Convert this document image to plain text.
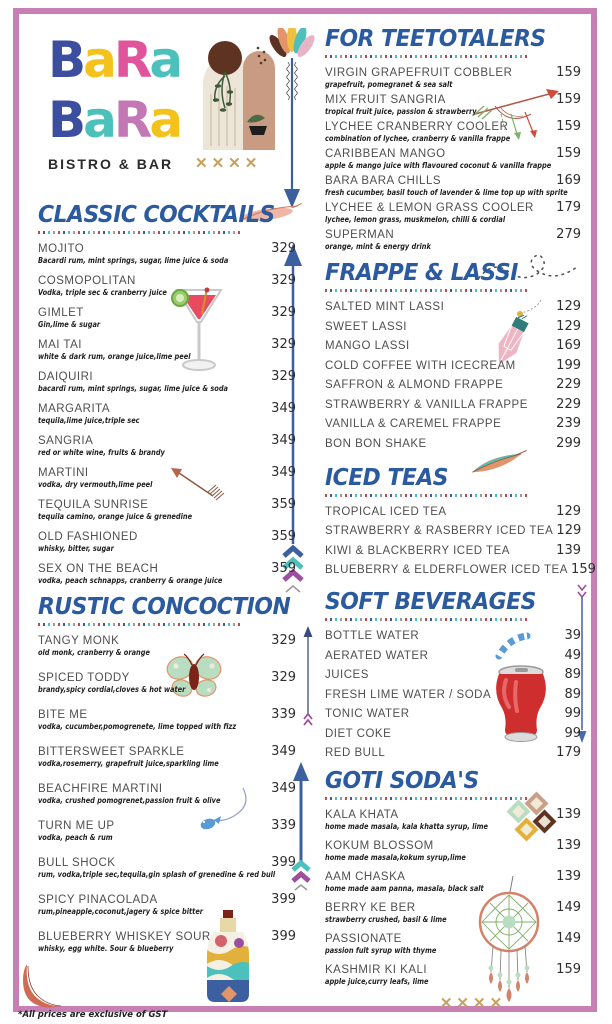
BaRa
BaRa
BISTRO & BAR
CLASSIC COCKTAILS
MOJITO	329
Bacardi rum, mint springs, sugar, lime juice & soda
COSMOPOLITAN	329
Vodka, triple sec & cranberry juice
GIMLET	329
Gin,lime & sugar
MAI TAI	329
white & dark rum, orange juice,lime peel
DAIQUIRI	329
bacardi rum, mint springs, sugar, lime juice & soda
MARGARITA	349
tequila,lime juice,triple sec
SANGRIA	349
red or white wine, fruits & brandy
MARTINI	349
vodka, dry vermouth,lime peel
TEQUILA SUNRISE	359
tequila camino, orange juice & grenedine
OLD FASHIONED	359
whisky, bitter, sugar
SEX ON THE BEACH	359
vodka, peach schnapps, cranberry & orange juice
RUSTIC CONCOCTION
TANGY MONK	329
old monk, cranberry & orange
SPICED TODDY	329
brandy,spicy cordial,cloves & hot water
BITE ME	339
vodka, cucumber,pomogrenete, lime topped with fizz
BITTERSWEET SPARKLE	349
vodka,rosemerry, grapefruit juice,sparkling lime
BEACHFIRE MARTINI	349
vodka, crushed pomogrenet,passion fruit & olive
TURN ME UP	339
vodka, peach & rum
BULL SHOCK	399
rum, vodka,triple sec,tequila,gin splash of grenedine & red bull
SPICY PINACOLADA	399
rum,pineapple,coconut,jagery & spice bitter
BLUEBERRY WHISKEY SOUR	399
whisky, egg white. Sour & blueberry
FOR TEETOTALERS
VIRGIN GRAPEFRUIT COBBLER	159
grapefruit, pomegranet & sea salt
MIX FRUIT SANGRIA	159
tropical fruit juice, passion & strawberry
LYCHEE CRANBERRY COOLER	159
combination of lychee, cranberry & vanilla frappe
CARIBBEAN MANGO	159
apple & mango juice with flavoured coconut & vanilla frappe
BARA BARA CHILLS	169
fresh cucumber, basil touch of lavender & lime top up with sprite
LYCHEE & LEMON GRASS COOLER 179
lychee, lemon grass, muskmelon, chilli & cordial
SUPERMAN	279
orange, mint & energy drink
FRAPPE & LASSI
SALTED MINT LASSI	129
SWEET LASSI	129
MANGO LASSI	169
COLD COFFEE WITH ICECREAM	199
SAFFRON & ALMOND FRAPPE	229
STRAWBERRY & VANILLA FRAPPE 229
VANILLA & CAREMEL FRAPPE	239
BON BON SHAKE	299
ICED TEAS
TROPICAL ICED TEA	129
STRAWBERRY & RASBERRY ICED TEA 129
KIWI & BLACKBERRY ICED TEA	139
BLUEBERRY & ELDERFLOWER ICED TEA 159
SOFT BEVERAGES
BOTTLE WATER	39
AERATED WATER	49
JUICES	89
FRESH LIME WATER / SODA	89
TONIC WATER	99
DIET COKE	99
RED BULL	179
GOTI SODA'S
KALA KHATA	139
home made masala, kala khatta syrup, lime
KOKUM BLOSSOM	139
home made masala,kokum syrup,lime
AAM CHASKA	139
home made aam panna, masala, black salt
BERRY KE BER	149
strawberry crushed, basil & lime
PASSIONATE	149
passion fult syrup with thyme
KASHMIR KI KALI	159
apple juice,curry leafs, lime
✕✕✕✕
✕✕✕✕
*All prices are exclusive of GST
